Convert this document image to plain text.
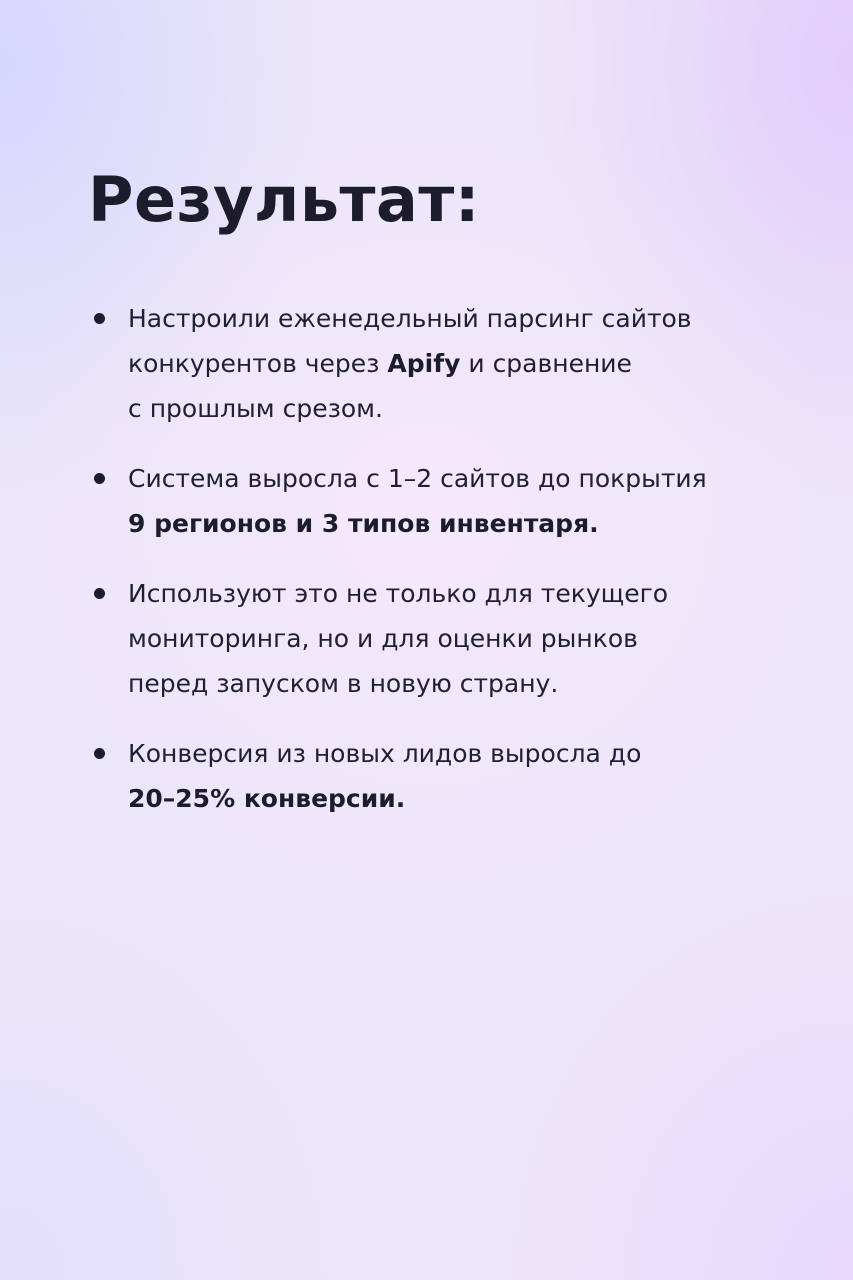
Результат:
Настроили еженедельный парсинг сайтов
конкурентов через Apify и сравнение
с прошлым срезом.
Система выросла с 1–2 сайтов до покрытия
9 регионов и 3 типов инвентаря.
Используют это не только для текущего
мониторинга, но и для оценки рынков
перед запуском в новую страну.
Конверсия из новых лидов выросла до
20–25% конверсии.
